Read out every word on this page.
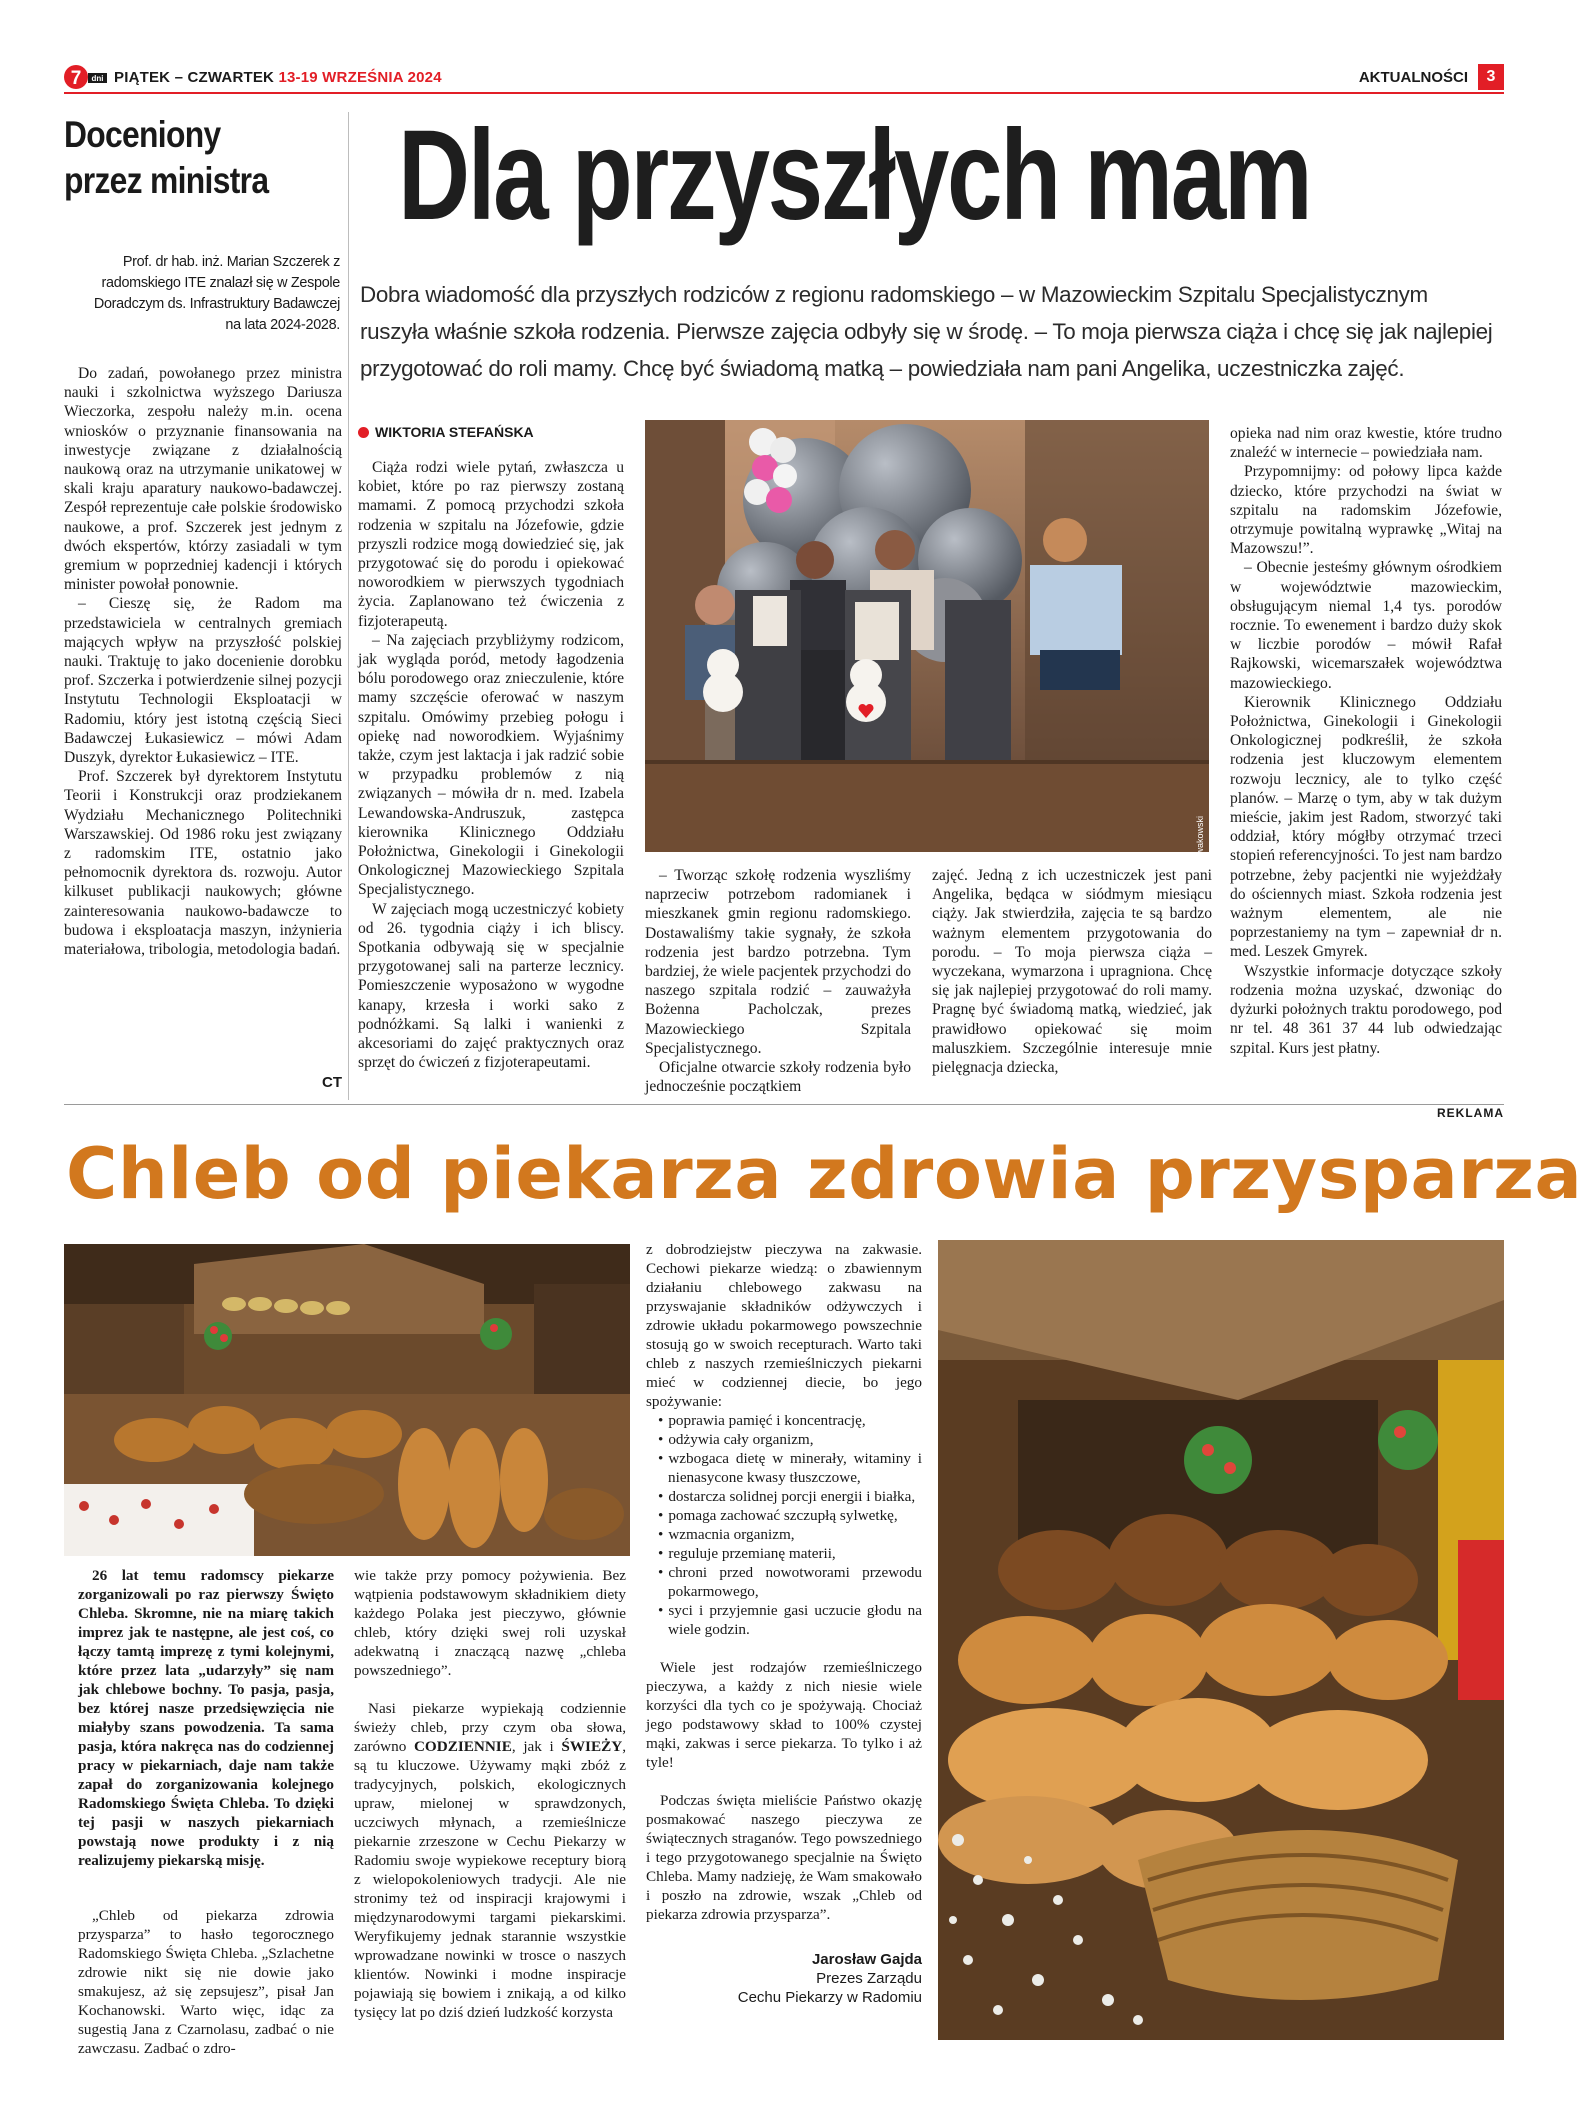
7 dni PIĄTEK – CZWARTEK 13-19 WRZEŚNIA 2024	AKTUALNOŚCI	3
Doceniony
przez ministra
Prof. dr hab. inż. Marian Szczerek z radomskiego ITE znalazł się w Zespole Doradczym ds. Infrastruktury Badawczej na lata 2024-2028.

Do zadań, powołanego przez ministra nauki i szkolnictwa wyższego Dariusza Wieczorka, zespołu należy m.in. ocena wniosków o przyznanie finansowania na inwestycje związane z działalnością naukową oraz na utrzymanie unikatowej w skali kraju aparatury naukowo-badawczej. Zespół reprezentuje całe polskie środowisko naukowe, a prof. Szczerek jest jednym z dwóch ekspertów, którzy zasiadali w tym gremium w poprzedniej kadencji i których minister powołał ponownie.

– Cieszę się, że Radom ma przedstawiciela w centralnych gremiach mających wpływ na przyszłość polskiej nauki. Traktuję to jako docenienie dorobku prof. Szczerka i potwierdzenie silnej pozycji Instytutu Technologii Eksploatacji w Radomiu, który jest istotną częścią Sieci Badawczej Łukasiewicz – mówi Adam Duszyk, dyrektor Łukasiewicz – ITE.

Prof. Szczerek był dyrektorem Instytutu Teorii i Konstrukcji oraz prodziekanem Wydziału Mechanicznego Politechniki Warszawskiej. Od 1986 roku jest związany z radomskim ITE, ostatnio jako pełnomocnik dyrektora ds. rozwoju. Autor kilkuset publikacji naukowych; główne zainteresowania naukowo-badawcze to budowa i eksploatacja maszyn, inżynieria materiałowa, tribologia, metodologia badań.

CT
Dla przyszłych mam
Dobra wiadomość dla przyszłych rodziców z regionu radomskiego – w Mazowieckim Szpitalu Specjalistycznym ruszyła właśnie szkoła rodzenia. Pierwsze zajęcia odbyły się w środę. – To moja pierwsza ciąża i chcę się jak najlepiej przygotować do roli mamy. Chcę być świadomą matką – powiedziała nam pani Angelika, uczestniczka zajęć.
WIKTORIA STEFAŃSKA

Ciąża rodzi wiele pytań, zwłaszcza u kobiet, które po raz pierwszy zostaną mamami. Z pomocą przychodzi szkoła rodzenia w szpitalu na Józefowie, gdzie przyszli rodzice mogą dowiedzieć się, jak przygotować się do porodu i opiekować noworodkiem w pierwszych tygodniach życia. Zaplanowano też ćwiczenia z fizjoterapeutą.

– Na zajęciach przybliżymy rodzicom, jak wygląda poród, metody łagodzenia bólu porodowego oraz znieczulenie, które mamy szczęście oferować w naszym szpitalu. Omówimy przebieg połogu i opiekę nad noworodkiem. Wyjaśnimy także, czym jest laktacja i jak radzić sobie w przypadku problemów z nią związanych – mówiła dr n. med. Izabela Lewandowska-Andruszuk, zastępca kierownika Klinicznego Oddziału Położnictwa, Ginekologii i Ginekologii Onkologicznej Mazowieckiego Szpitala Specjalistycznego.

W zajęciach mogą uczestniczyć kobiety od 26. tygodnia ciąży i ich bliscy. Spotkania odbywają się w specjalnie przygotowanej sali na parterze lecznicy. Pomieszczenie wyposażono w wygodne kanapy, krzesła i worki sako z podnóżkami. Są lalki i wanienki z akcesoriami do zajęć praktycznych oraz sprzęt do ćwiczeń z fizjoterapeutami.

fot. Piotr Nowakowski

– Tworząc szkołę rodzenia wyszliśmy naprzeciw potrzebom radomianek i mieszkanek gmin regionu radomskiego. Dostawaliśmy takie sygnały, że szkoła rodzenia jest bardzo potrzebna. Tym bardziej, że wiele pacjentek przychodzi do naszego szpitala rodzić – zauważyła Bożenna Pacholczak, prezes Mazowieckiego Szpitala Specjalistycznego.

Oficjalne otwarcie szkoły rodzenia było jednocześnie początkiem

zajęć. Jedną z ich uczestniczek jest pani Angelika, będąca w siódmym miesiącu ciąży. Jak stwierdziła, zajęcia te są bardzo ważnym elementem przygotowania do porodu. – To moja pierwsza ciąża – wyczekana, wymarzona i upragniona. Chcę się jak najlepiej przygotować do roli mamy. Pragnę być świadomą matką, wiedzieć, jak prawidłowo opiekować się moim maluszkiem. Szczególnie interesuje mnie pielęgnacja dziecka,

opieka nad nim oraz kwestie, które trudno znaleźć w internecie – powiedziała nam.

Przypomnijmy: od połowy lipca każde dziecko, które przychodzi na świat w szpitalu na radomskim Józefowie, otrzymuje powitalną wyprawkę „Witaj na Mazowszu!”.

– Obecnie jesteśmy głównym ośrodkiem w województwie mazowieckim, obsługującym niemal 1,4 tys. porodów rocznie. To ewenement i bardzo duży skok w liczbie porodów – mówił Rafał Rajkowski, wicemarszałek województwa mazowieckiego.

Kierownik Klinicznego Oddziału Położnictwa, Ginekologii i Ginekologii Onkologicznej podkreślił, że szkoła rodzenia jest kluczowym elementem rozwoju lecznicy, ale to tylko część planów. – Marzę o tym, aby w tak dużym mieście, jakim jest Radom, stworzyć taki oddział, który mógłby otrzymać trzeci stopień referencyjności. To jest nam bardzo potrzebne, żeby pacjentki nie wyjeżdżały do ościennych miast. Szkoła rodzenia jest ważnym elementem, ale nie poprzestaniemy na tym – zapewniał dr n. med. Leszek Gmyrek.

Wszystkie informacje dotyczące szkoły rodzenia można uzyskać, dzwoniąc do dyżurki położnych traktu porodowego, pod nr tel. 48 361 37 44 lub odwiedzając szpital. Kurs jest płatny.

REKLAMA
Chleb od piekarza zdrowia przysparza

26 lat temu radomscy piekarze zorganizowali po raz pierwszy Święto Chleba. Skromne, nie na miarę takich imprez jak te następne, ale jest coś, co łączy tamtą imprezę z tymi kolejnymi, które przez lata „udarzyły” się nam jak chlebowe bochny. To pasja, pasja, bez której nasze przedsięwzięcia nie miałyby szans powodzenia. Ta sama pasja, która nakręca nas do codziennej pracy w piekarniach, daje nam także zapał do zorganizowania kolejnego Radomskiego Święta Chleba. To dzięki tej pasji w naszych piekarniach powstają nowe produkty i z nią realizujemy piekarską misję.

„Chleb od piekarza zdrowia przysparza” to hasło tegorocznego Radomskiego Święta Chleba. „Szlachetne zdrowie nikt się nie dowie jako smakujesz, aż się zepsujesz”, pisał Jan Kochanowski. Warto więc, idąc za sugestią Jana z Czarnolasu, zadbać o nie zawczasu. Zadbać o zdro-

wie także przy pomocy pożywienia. Bez wątpienia podstawowym składnikiem diety każdego Polaka jest pieczywo, głównie chleb, który dzięki swej roli uzyskał adekwatną i znaczącą nazwę „chleba powszedniego”.

Nasi piekarze wypiekają codziennie świeży chleb, przy czym oba słowa, zarówno CODZIENNIE, jak i ŚWIEŻY, są tu kluczowe. Używamy mąki zbóż z tradycyjnych, polskich, ekologicznych upraw, mielonej w sprawdzonych, uczciwych młynach, a rzemieślnicze piekarnie zrzeszone w Cechu Piekarzy w Radomiu swoje wypiekowe receptury biorą z wielopokoleniowych tradycji. Ale nie stronimy też od inspiracji krajowymi i międzynarodowymi targami piekarskimi. Weryfikujemy jednak starannie wszystkie wprowadzane nowinki w trosce o naszych klientów. Nowinki i modne inspiracje pojawiają się bowiem i znikają, a od kilko tysięcy lat po dziś dzień ludzkość korzysta

z dobrodziejstw pieczywa na zakwasie. Cechowi piekarze wiedzą: o zbawiennym działaniu chlebowego zakwasu na przyswajanie składników odżywczych i zdrowie układu pokarmowego powszechnie stosują go w swoich recepturach. Warto taki chleb z naszych rzemieślniczych piekarni mieć w codziennej diecie, bo jego spożywanie:

• poprawia pamięć i koncentrację,
• odżywia cały organizm,
• wzbogaca dietę w minerały, witaminy i nienasycone kwasy tłuszczowe,
• dostarcza solidnej porcji energii i białka,
• pomaga zachować szczupłą sylwetkę,
• wzmacnia organizm,
• reguluje przemianę materii,
• chroni przed nowotworami przewodu pokarmowego,
• syci i przyjemnie gasi uczucie głodu na wiele godzin.

Wiele jest rodzajów rzemieślniczego pieczywa, a każdy z nich niesie wiele korzyści dla tych co je spożywają. Chociaż jego podstawowy skład to 100% czystej mąki, zakwas i serce piekarza. To tylko i aż tyle!

Podczas święta mieliście Państwo okazję posmakować naszego pieczywa ze świątecznych straganów. Tego powszedniego i tego przygotowanego specjalnie na Święto Chleba. Mamy nadzieję, że Wam smakowało i poszło na zdrowie, wszak „Chleb od piekarza zdrowia przysparza”.

Jarosław Gajda
Prezes Zarządu
Cechu Piekarzy w Radomiu
